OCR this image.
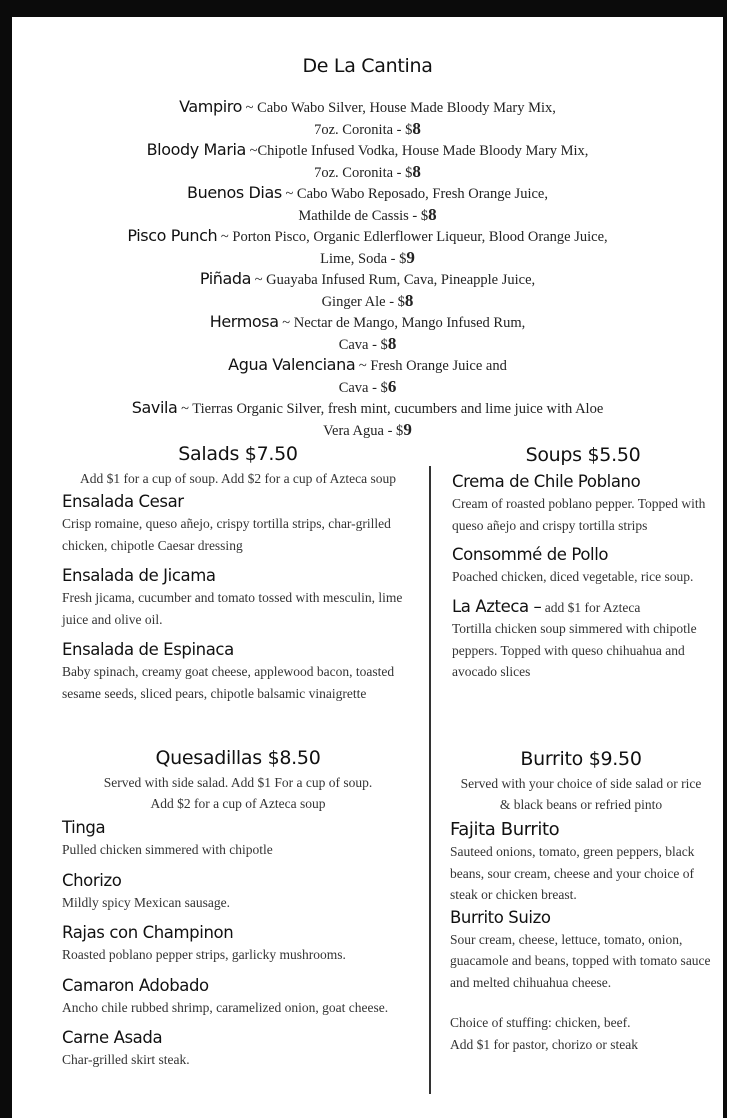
De La Cantina
Vampiro ~ Cabo Wabo Silver, House Made Bloody Mary Mix,
7oz. Coronita - $8
Bloody Maria ~Chipotle Infused Vodka, House Made Bloody Mary Mix,
7oz. Coronita - $8
Buenos Dias ~ Cabo Wabo Reposado, Fresh Orange Juice,
Mathilde de Cassis - $8
Pisco Punch ~ Porton Pisco, Organic Edlerflower Liqueur, Blood Orange Juice,
Lime, Soda - $9
Piñada ~ Guayaba Infused Rum, Cava, Pineapple Juice,
Ginger Ale - $8
Hermosa ~ Nectar de Mango, Mango Infused Rum,
Cava - $8
Agua Valenciana ~ Fresh Orange Juice and
Cava - $6
Savila ~ Tierras Organic Silver, fresh mint, cucumbers and lime juice with Aloe
Vera Agua - $9
Salads $7.50
Add $1 for a cup of soup. Add $2 for a cup of Azteca soup
Ensalada Cesar
Crisp romaine, queso añejo, crispy tortilla strips, char-grilled chicken, chipotle Caesar dressing
Ensalada de Jicama
Fresh jicama, cucumber and tomato tossed with mesculin, lime juice and olive oil.
Ensalada de Espinaca
Baby spinach, creamy goat cheese, applewood bacon, toasted sesame seeds, sliced pears, chipotle balsamic vinaigrette
Quesadillas $8.50
Served with side salad. Add $1 For a cup of soup.
Add $2 for a cup of Azteca soup
Tinga
Pulled chicken simmered with chipotle
Chorizo
Mildly spicy Mexican sausage.
Rajas con Champinon
Roasted poblano pepper strips, garlicky mushrooms.
Camaron Adobado
Ancho chile rubbed shrimp, caramelized onion, goat cheese.
Carne Asada
Char-grilled skirt steak.
Soups $5.50
Crema de Chile Poblano
Cream of roasted poblano pepper. Topped with queso añejo and crispy tortilla strips
Consommé de Pollo
Poached chicken, diced vegetable, rice soup.
La Azteca – add $1 for Azteca
Tortilla chicken soup simmered with chipotle peppers. Topped with queso chihuahua and avocado slices
Burrito $9.50
Served with your choice of side salad or rice
& black beans or refried pinto
Fajita Burrito
Sauteed onions, tomato, green peppers, black beans, sour cream, cheese and your choice of steak or chicken breast.
Burrito Suizo
Sour cream, cheese, lettuce, tomato, onion, guacamole and beans, topped with tomato sauce and melted chihuahua cheese.
Choice of stuffing: chicken, beef.
Add $1 for pastor, chorizo or steak
